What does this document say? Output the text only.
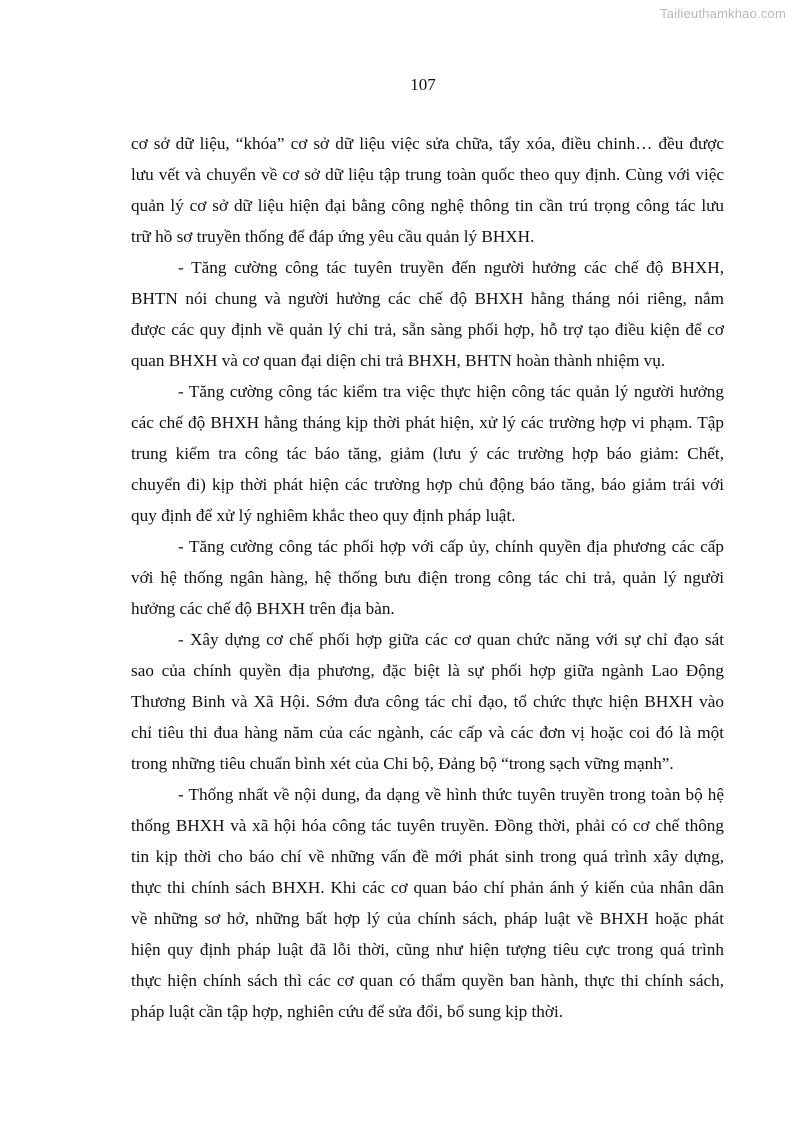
Tailieuthamkhao.com
107
cơ sở dữ liệu, “khóa” cơ sở dữ liệu việc sửa chữa, tẩy xóa, điều chinh… đều được
lưu vết và chuyển về cơ sở dữ liệu tập trung toàn quốc theo quy định. Cùng với việc
quản lý cơ sở dữ liệu hiện đại bằng công nghệ thông tin cần trú trọng công tác lưu
trữ hồ sơ truyền thống để đáp ứng yêu cầu quản lý BHXH.
- Tăng cường công tác tuyên truyền đến người hưởng các chế độ BHXH,
BHTN nói chung và người hưởng các chế độ BHXH hằng tháng nói riêng, nắm
được các quy định về quản lý chi trả, sẵn sàng phối hợp, hỗ trợ tạo điều kiện để cơ
quan BHXH và cơ quan đại diện chi trả BHXH, BHTN hoàn thành nhiệm vụ.
- Tăng cường công tác kiểm tra việc thực hiện công tác quản lý người hưởng
các chế độ BHXH hằng tháng kịp thời phát hiện, xử lý các trường hợp vi phạm. Tập
trung kiểm tra công tác báo tăng, giảm (lưu ý các trường hợp báo giảm: Chết,
chuyển đi) kịp thời phát hiện các trường hợp chủ động báo tăng, báo giảm trái với
quy định để xử lý nghiêm khắc theo quy định pháp luật.
- Tăng cường công tác phối hợp với cấp ủy, chính quyền địa phương các cấp
với hệ thống ngân hàng, hệ thống bưu điện trong công tác chi trả, quản lý người
hưởng các chế độ BHXH trên địa bàn.
- Xây dựng cơ chế phối hợp giữa các cơ quan chức năng với sự chỉ đạo sát
sao của chính quyền địa phương, đặc biệt là sự phối hợp giữa ngành Lao Động
Thương Binh và Xã Hội. Sớm đưa công tác chỉ đạo, tổ chức thực hiện BHXH vào
chỉ tiêu thi đua hàng năm của các ngành, các cấp và các đơn vị hoặc coi đó là một
trong những tiêu chuẩn bình xét của Chi bộ, Đảng bộ “trong sạch vững mạnh”.
- Thống nhất về nội dung, đa dạng về hình thức tuyên truyền trong toàn bộ hệ
thống BHXH và xã hội hóa công tác tuyên truyền. Đồng thời, phải có cơ chế thông
tin kịp thời cho báo chí về những vấn đề mới phát sinh trong quá trình xây dựng,
thực thi chính sách BHXH. Khi các cơ quan báo chí phản ánh ý kiến của nhân dân
về những sơ hở, những bất hợp lý của chính sách, pháp luật về BHXH hoặc phát
hiện quy định pháp luật đã lỗi thời, cũng như hiện tượng tiêu cực trong quá trình
thực hiện chính sách thì các cơ quan có thẩm quyền ban hành, thực thi chính sách,
pháp luật cần tập hợp, nghiên cứu để sửa đổi, bổ sung kịp thời.
